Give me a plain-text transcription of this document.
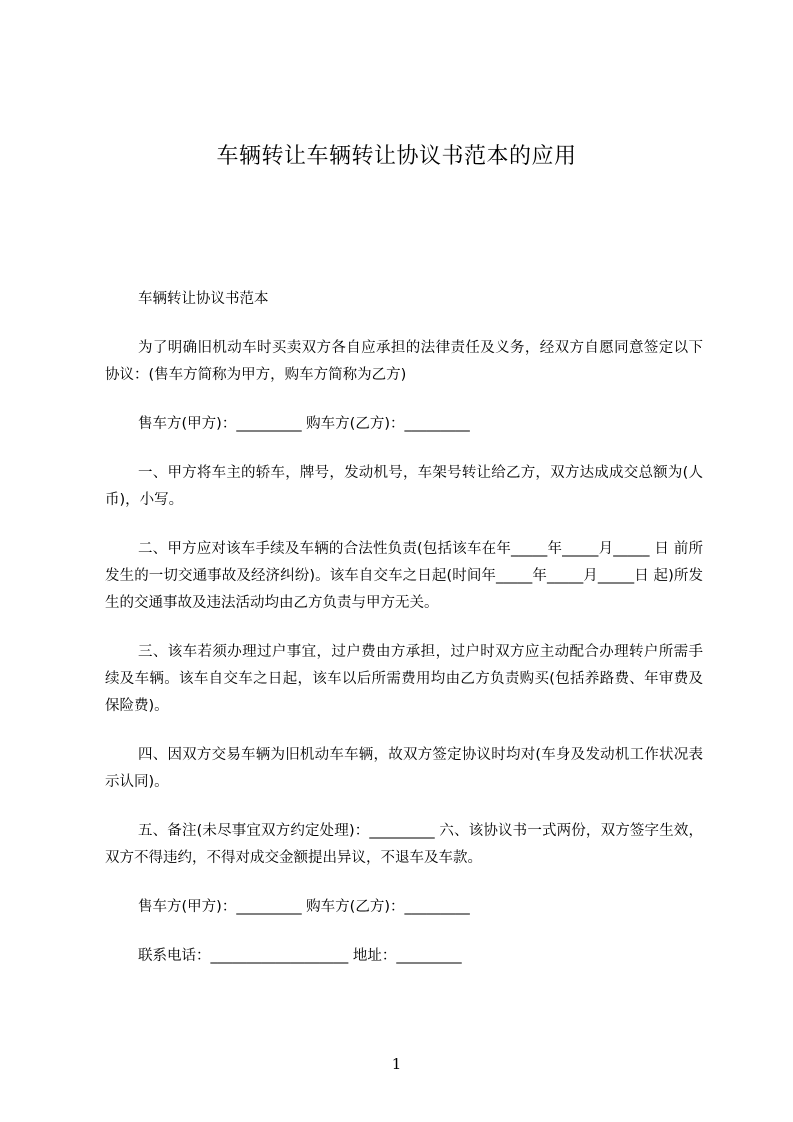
车辆转让车辆转让协议书范本的应用

车辆转让协议书范本

为了明确旧机动车时买卖双方各自应承担的法律责任及义务，经双方自愿同意签定以下协议：(售车方简称为甲方，购车方简称为乙方)

售车方(甲方)：_________ 购车方(乙方)：_________

一、甲方将车主的轿车，牌号，发动机号，车架号转让给乙方，双方达成成交总额为(人币)，小写。

二、甲方应对该车手续及车辆的合法性负责(包括该车在年_____年_____月_____ 日 前所发生的一切交通事故及经济纠纷)。该车自交车之日起(时间年_____年_____月_____日 起)所发生的交通事故及违法活动均由乙方负责与甲方无关。

三、该车若须办理过户事宜，过户费由方承担，过户时双方应主动配合办理转户所需手续及车辆。该车自交车之日起，该车以后所需费用均由乙方负责购买(包括养路费、年审费及保险费)。

四、因双方交易车辆为旧机动车车辆，故双方签定协议时均对(车身及发动机工作状况表示认同)。

五、备注(未尽事宜双方约定处理)：_________ 六、该协议书一式两份，双方签字生效，双方不得违约，不得对成交金额提出异议，不退车及车款。

售车方(甲方)：_________ 购车方(乙方)：_________

联系电话：___________________ 地址：_________

1
